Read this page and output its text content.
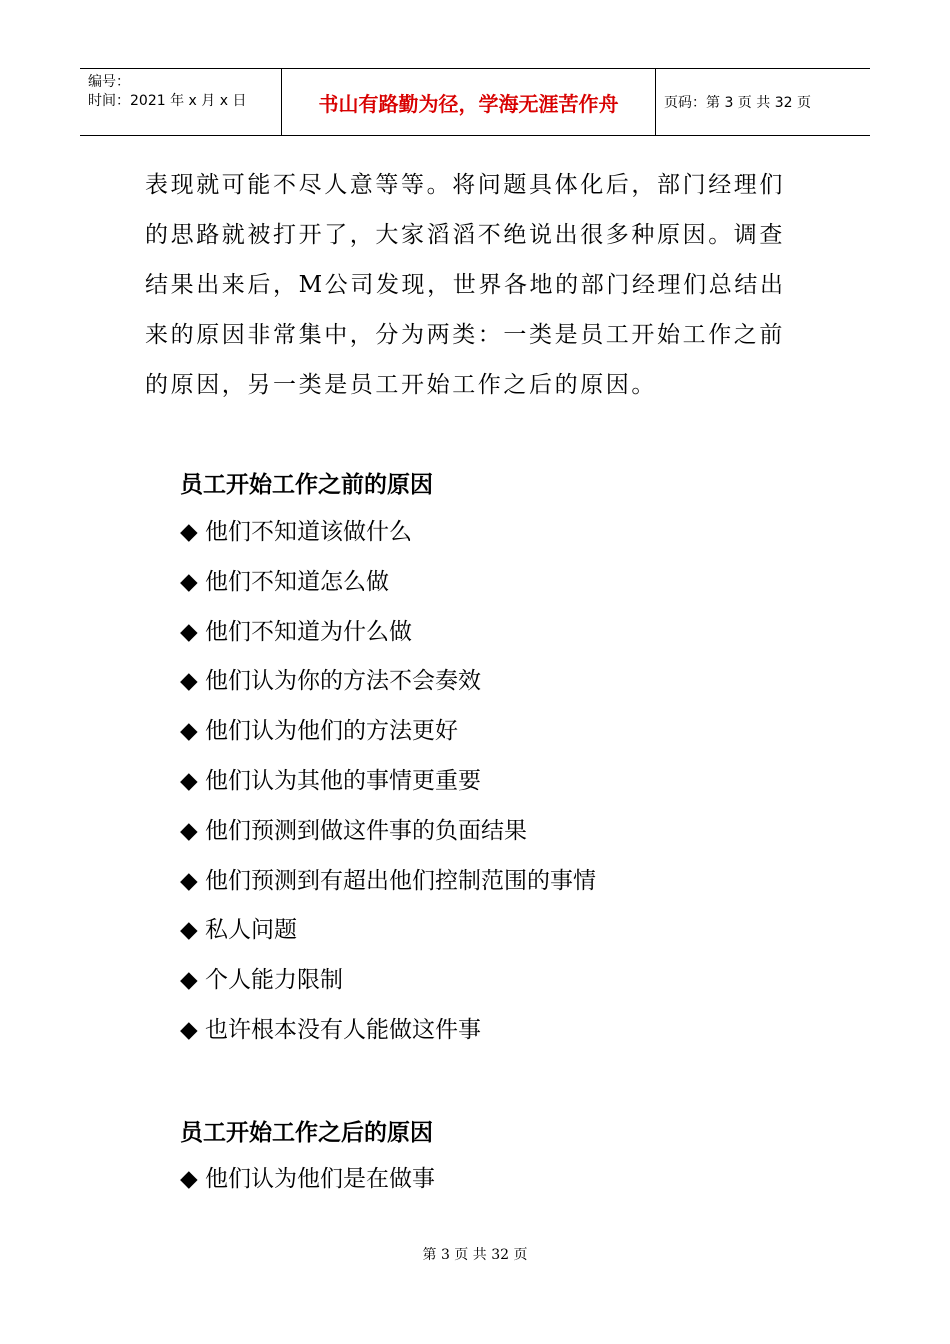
编号：
时间：2021 年 x 月 x 日	书山有路勤为径，学海无涯苦作舟	页码：第 3 页 共 32 页
表现就可能不尽人意等等。将问题具体化后，部门经理们
的思路就被打开了，大家滔滔不绝说出很多种原因。调查
结果出来后，M公司发现，世界各地的部门经理们总结出
来的原因非常集中，分为两类：一类是员工开始工作之前
的原因，另一类是员工开始工作之后的原因。
员工开始工作之前的原因
◆ 他们不知道该做什么
◆ 他们不知道怎么做
◆ 他们不知道为什么做
◆ 他们认为你的方法不会奏效
◆ 他们认为他们的方法更好
◆ 他们认为其他的事情更重要
◆ 他们预测到做这件事的负面结果
◆ 他们预测到有超出他们控制范围的事情
◆ 私人问题
◆ 个人能力限制
◆ 也许根本没有人能做这件事
员工开始工作之后的原因
◆ 他们认为他们是在做事
第 3 页 共 32 页
